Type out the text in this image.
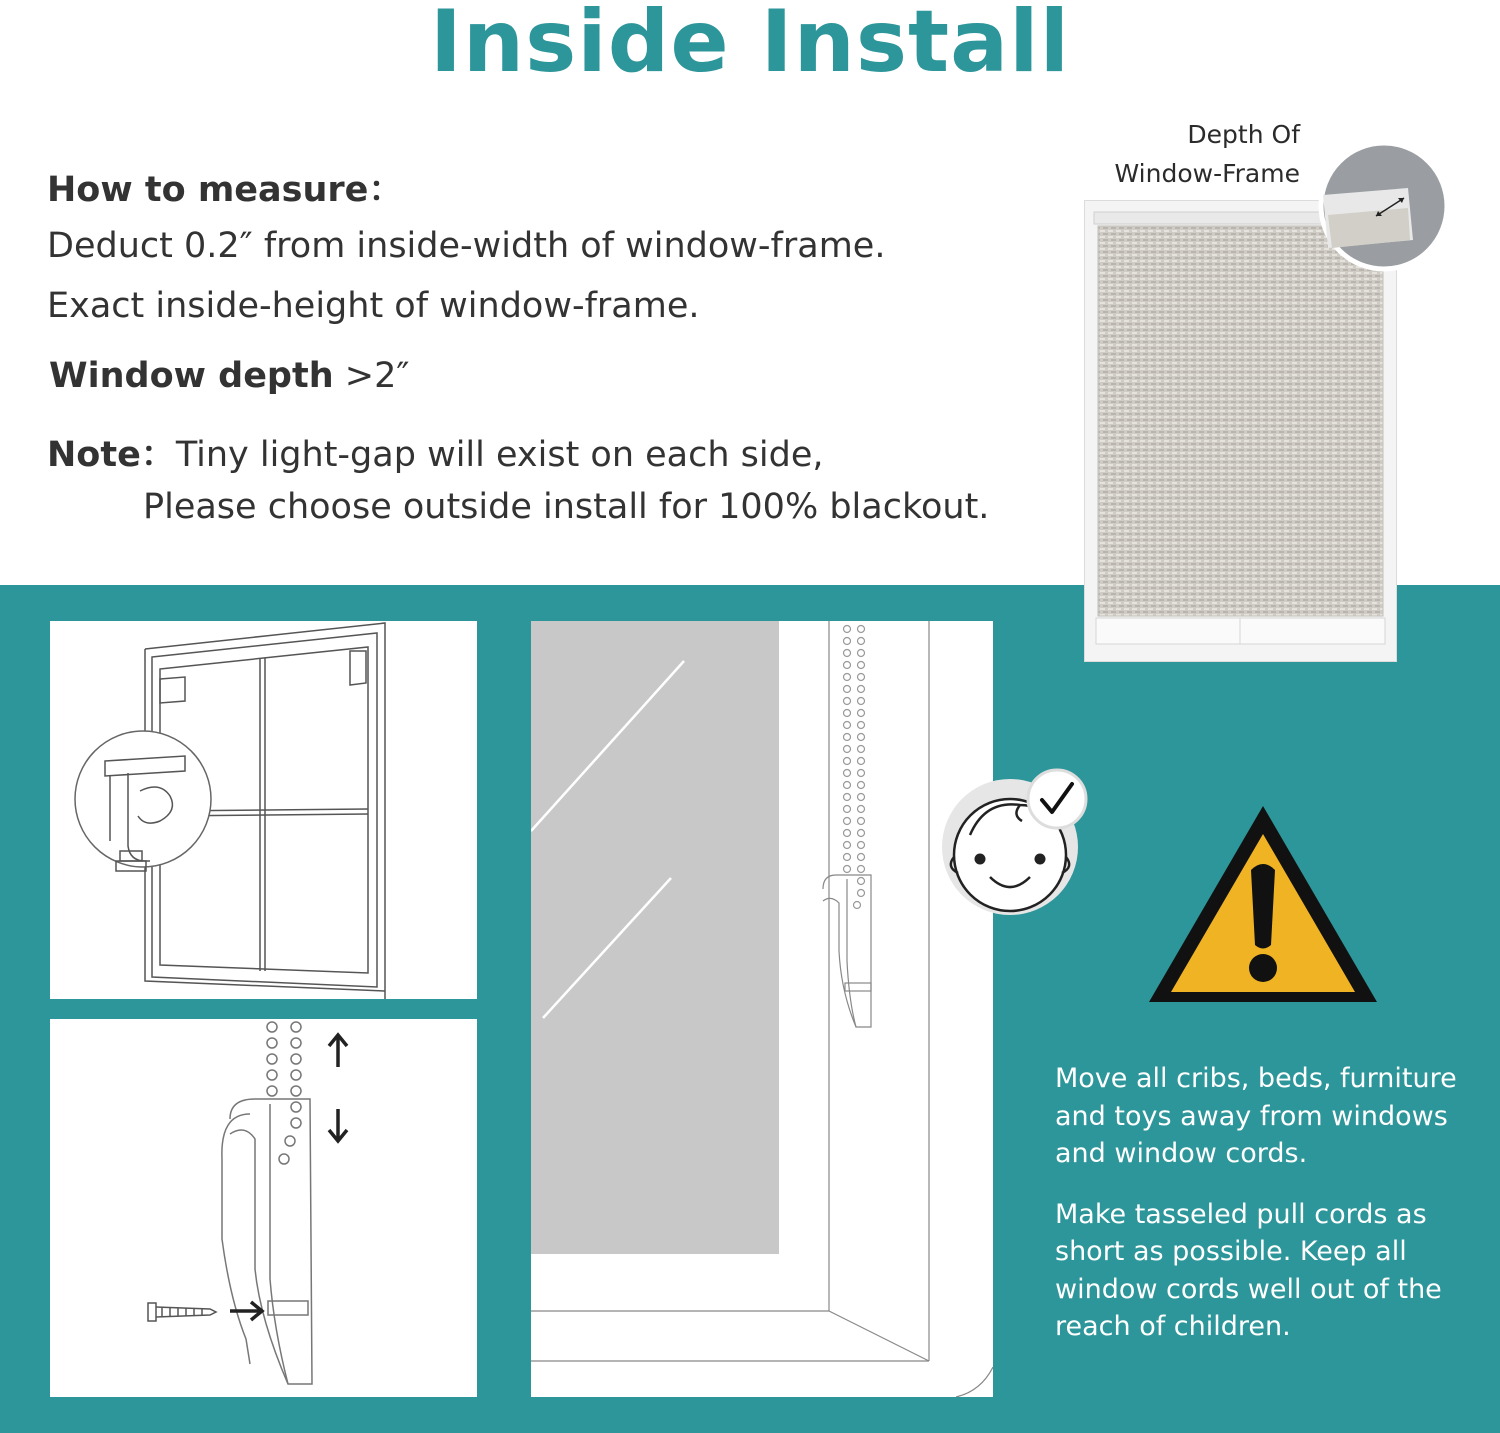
Inside Install
How to measure：
Deduct 0.2″ from inside-width of window-frame.
Exact inside-height of window-frame.
Window depth >2″
Note：Tiny light-gap will exist on each side,
Please choose outside install for 100% blackout.
Depth Of
Window-Frame
Move all cribs, beds, furniture
and toys away from windows
and window cords.
Make tasseled pull cords as
short as possible. Keep all
window cords well out of the
reach of children.
